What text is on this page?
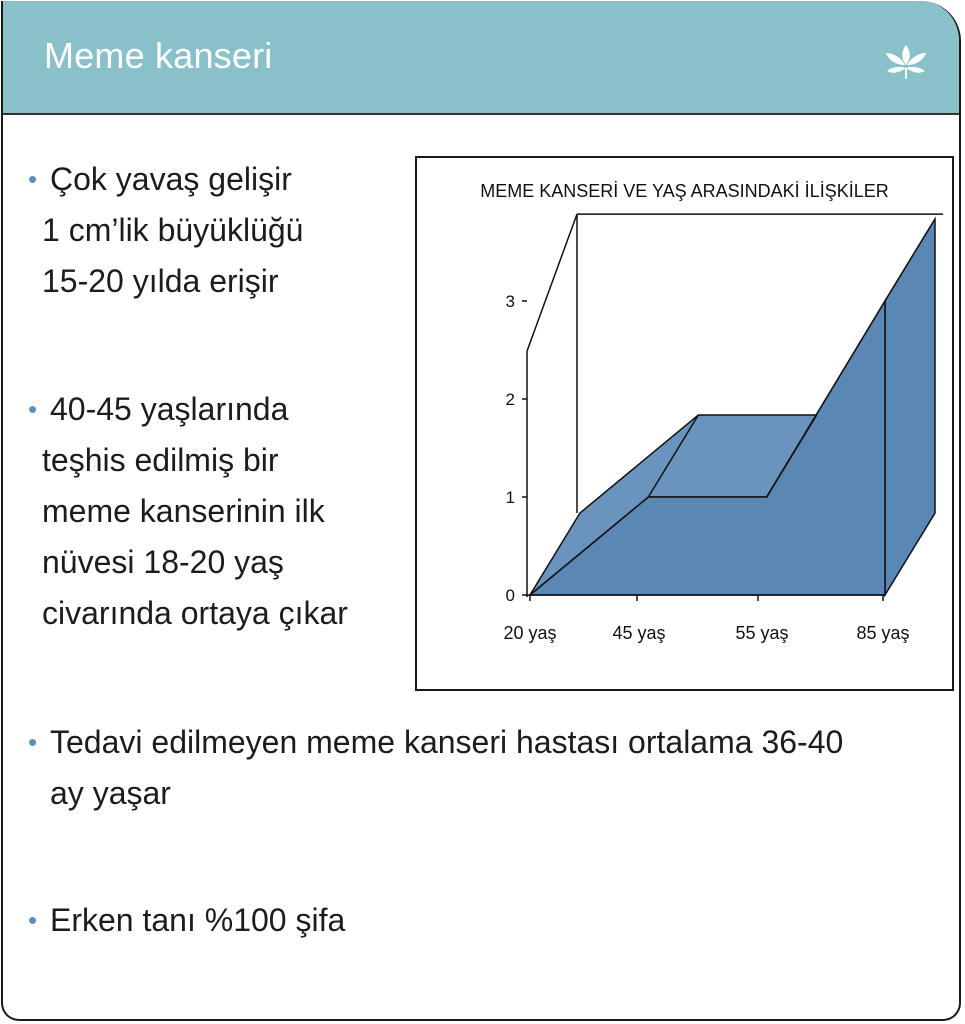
Meme kanseri
• Çok yavaş gelişir
1 cm’lik büyüklüğü
15-20 yılda erişir
• 40-45 yaşlarında
teşhis edilmiş bir
meme kanserinin ilk
nüvesi 18-20 yaş
civarında ortaya çıkar
MEME KANSERİ VE YAŞ ARASINDAKİ İLİŞKİLER
0
1
2
3
20 yaş	45 yaş	55 yaş	85 yaş
• Tedavi edilmeyen meme kanseri hastası ortalama 36-40
ay yaşar
• Erken tanı %100 şifa
